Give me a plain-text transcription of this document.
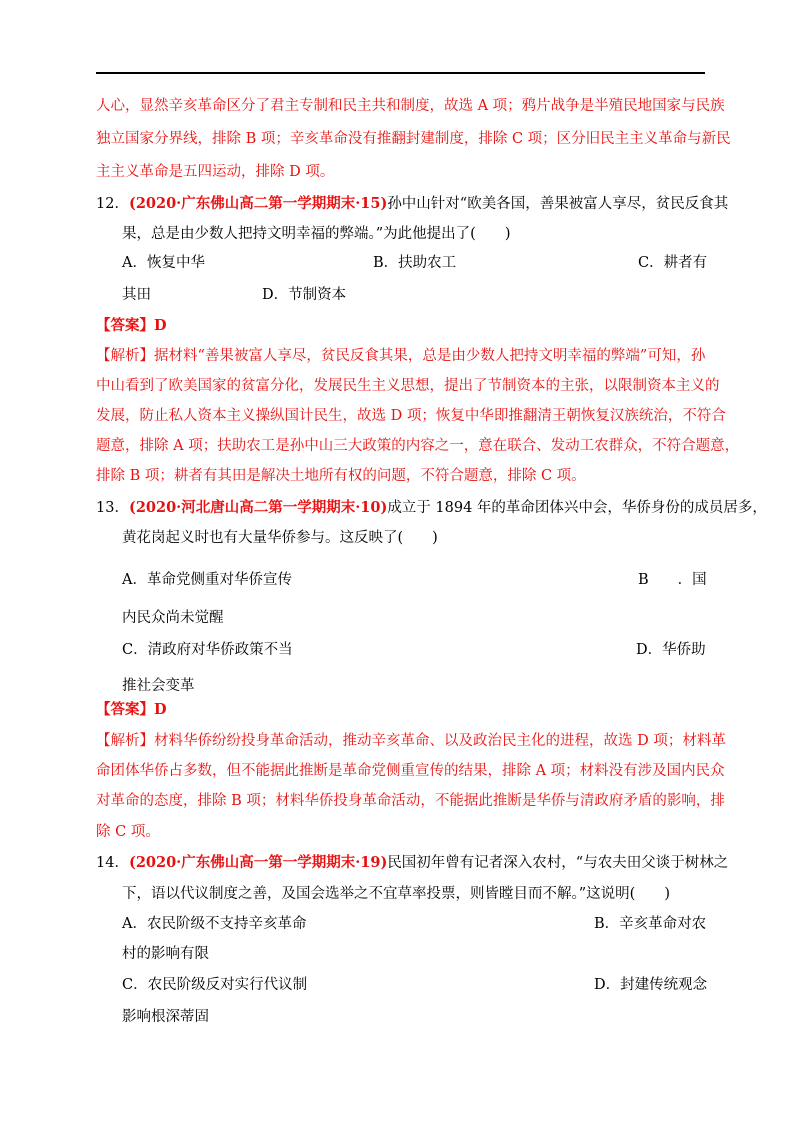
人心，显然辛亥革命区分了君主专制和民主共和制度，故选 A 项；鸦片战争是半殖民地国家与民族
独立国家分界线，排除 B 项；辛亥革命没有推翻封建制度，排除 C 项；区分旧民主主义革命与新民
主主义革命是五四运动，排除 D 项。
12．(2020·广东佛山高二第一学期期末·15)孙中山针对“欧美各国，善果被富人享尽，贫民反食其
果，总是由少数人把持文明幸福的弊端。”为此他提出了(　　)
A．恢复中华	B．扶助农工	C．耕者有
其田	D．节制资本
【答案】D
【解析】据材料“善果被富人享尽，贫民反食其果，总是由少数人把持文明幸福的弊端”可知，孙
中山看到了欧美国家的贫富分化，发展民生主义思想，提出了节制资本的主张，以限制资本主义的
发展，防止私人资本主义操纵国计民生，故选 D 项；恢复中华即推翻清王朝恢复汉族统治，不符合
题意，排除 A 项；扶助农工是孙中山三大政策的内容之一，意在联合、发动工农群众，不符合题意，
排除 B 项；耕者有其田是解决土地所有权的问题，不符合题意，排除 C 项。
13．(2020·河北唐山高二第一学期期末·10)成立于 1894 年的革命团体兴中会，华侨身份的成员居多，
黄花岗起义时也有大量华侨参与。这反映了(　　)
A．革命党侧重对华侨宣传	B　　．国
内民众尚未觉醒
C．清政府对华侨政策不当	D．华侨助
推社会变革
【答案】D
【解析】材料华侨纷纷投身革命活动，推动辛亥革命、以及政治民主化的进程，故选 D 项；材料革
命团体华侨占多数，但不能据此推断是革命党侧重宣传的结果，排除 A 项；材料没有涉及国内民众
对革命的态度，排除 B 项；材料华侨投身革命活动，不能据此推断是华侨与清政府矛盾的影响，排
除 C 项。
14．(2020·广东佛山高一第一学期期末·19)民国初年曾有记者深入农村，“与农夫田父谈于树林之
下，语以代议制度之善，及国会选举之不宜草率投票，则皆瞠目而不解。”这说明(　　)
A．农民阶级不支持辛亥革命	B．辛亥革命对农
村的影响有限
C．农民阶级反对实行代议制	D．封建传统观念
影响根深蒂固
